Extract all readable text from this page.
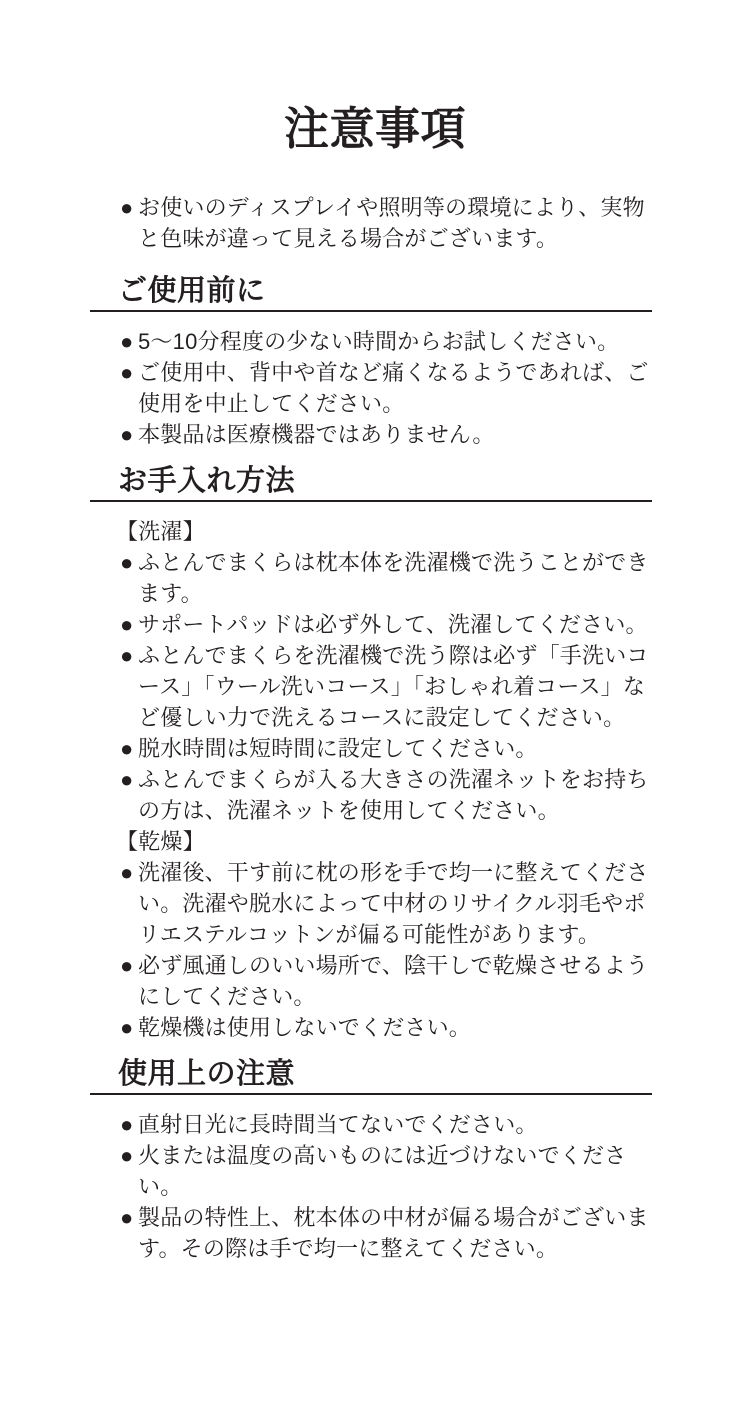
注意事項
● お使いのディスプレイや照明等の環境により、実物と色味が違って見える場合がございます。
ご使用前に
● 5〜10分程度の少ない時間からお試しください。
● ご使用中、背中や首など痛くなるようであれば、ご使用を中止してください。
● 本製品は医療機器ではありません。
お手入れ方法
【洗濯】
● ふとんでまくらは枕本体を洗濯機で洗うことができます。
● サポートパッドは必ず外して、洗濯してください。
● ふとんでまくらを洗濯機で洗う際は必ず「手洗いコース」「ウール洗いコース」「おしゃれ着コース」など優しい力で洗えるコースに設定してください。
● 脱水時間は短時間に設定してください。
● ふとんでまくらが入る大きさの洗濯ネットをお持ちの方は、洗濯ネットを使用してください。
【乾燥】
● 洗濯後、干す前に枕の形を手で均一に整えてください。洗濯や脱水によって中材のリサイクル羽毛やポリエステルコットンが偏る可能性があります。
● 必ず風通しのいい場所で、陰干しで乾燥させるようにしてください。
● 乾燥機は使用しないでください。
使用上の注意
● 直射日光に長時間当てないでください。
● 火または温度の高いものには近づけないでください。
● 製品の特性上、枕本体の中材が偏る場合がございます。その際は手で均一に整えてください。
